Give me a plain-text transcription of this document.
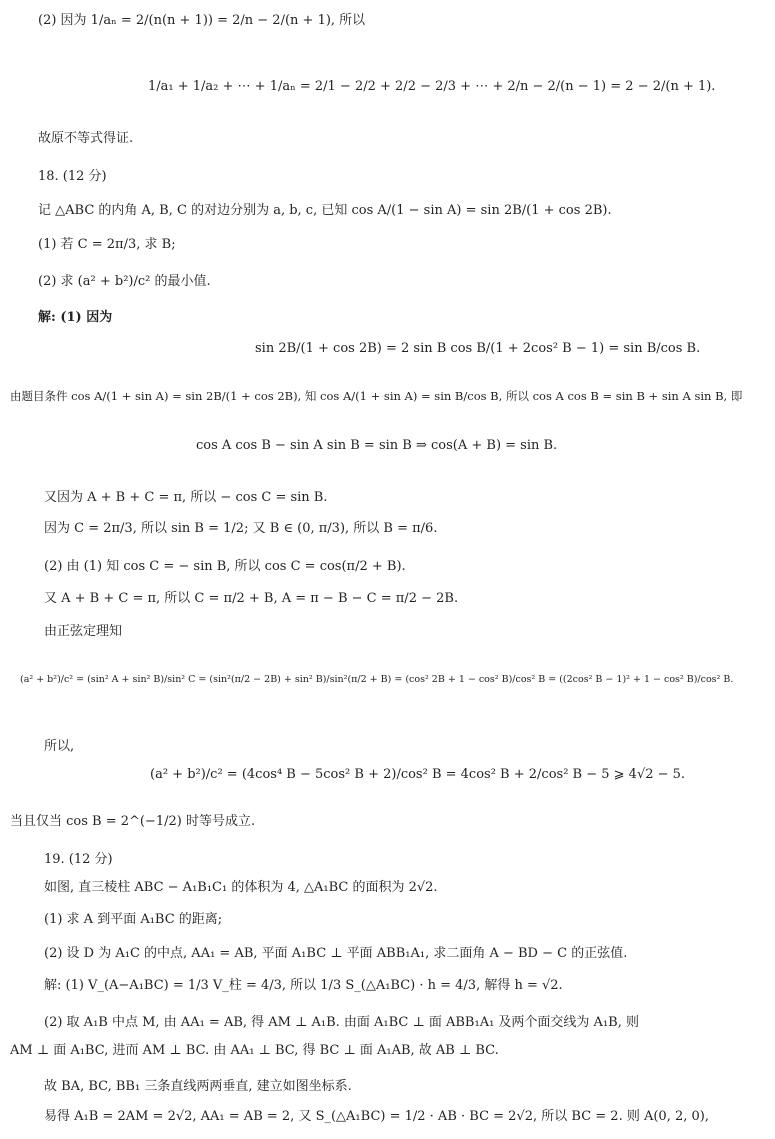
(2) 因为 1/aₙ = 2/(n(n + 1)) = 2/n − 2/(n + 1), 所以
1/a₁ + 1/a₂ + ⋯ + 1/aₙ = 2/1 − 2/2 + 2/2 − 2/3 + ⋯ + 2/n − 2/(n − 1) = 2 − 2/(n + 1).
故原不等式得证.
18. (12 分)
记 △ABC 的内角 A, B, C 的对边分别为 a, b, c, 已知 cos A/(1 − sin A) = sin 2B/(1 + cos 2B).
(1) 若 C = 2π/3, 求 B;
(2) 求 (a² + b²)/c² 的最小值.
解: (1) 因为
sin 2B/(1 + cos 2B) = 2 sin B cos B/(1 + 2cos² B − 1) = sin B/cos B.
由题目条件 cos A/(1 + sin A) = sin 2B/(1 + cos 2B), 知 cos A/(1 + sin A) = sin B/cos B, 所以 cos A cos B = sin B + sin A sin B, 即
cos A cos B − sin A sin B = sin B ⇒ cos(A + B) = sin B.
又因为 A + B + C = π, 所以 − cos C = sin B.
因为 C = 2π/3, 所以 sin B = 1/2; 又 B ∈ (0, π/3), 所以 B = π/6.
(2) 由 (1) 知 cos C = − sin B, 所以 cos C = cos(π/2 + B).
又 A + B + C = π, 所以 C = π/2 + B, A = π − B − C = π/2 − 2B.
由正弦定理知
(a² + b²)/c² = (sin² A + sin² B)/sin² C = (sin²(π/2 − 2B) + sin² B)/sin²(π/2 + B) = (cos² 2B + 1 − cos² B)/cos² B = ((2cos² B − 1)² + 1 − cos² B)/cos² B.
所以,
(a² + b²)/c² = (4cos⁴ B − 5cos² B + 2)/cos² B = 4cos² B + 2/cos² B − 5 ⩾ 4√2 − 5.
当且仅当 cos B = 2^(−1/2) 时等号成立.
19. (12 分)
如图, 直三棱柱 ABC − A₁B₁C₁ 的体积为 4, △A₁BC 的面积为 2√2.
(1) 求 A 到平面 A₁BC 的距离;
(2) 设 D 为 A₁C 的中点, AA₁ = AB, 平面 A₁BC ⊥ 平面 ABB₁A₁, 求二面角 A − BD − C 的正弦值.
解: (1) V_(A−A₁BC) = 1/3 V_柱 = 4/3, 所以 1/3 S_(△A₁BC) · h = 4/3, 解得 h = √2.
(2) 取 A₁B 中点 M, 由 AA₁ = AB, 得 AM ⊥ A₁B. 由面 A₁BC ⊥ 面 ABB₁A₁ 及两个面交线为 A₁B, 则
AM ⊥ 面 A₁BC, 进而 AM ⊥ BC. 由 AA₁ ⊥ BC, 得 BC ⊥ 面 A₁AB, 故 AB ⊥ BC.
故 BA, BC, BB₁ 三条直线两两垂直, 建立如图坐标系.
易得 A₁B = 2AM = 2√2, AA₁ = AB = 2, 又 S_(△A₁BC) = 1/2 · AB · BC = 2√2, 所以 BC = 2. 则 A(0, 2, 0),
